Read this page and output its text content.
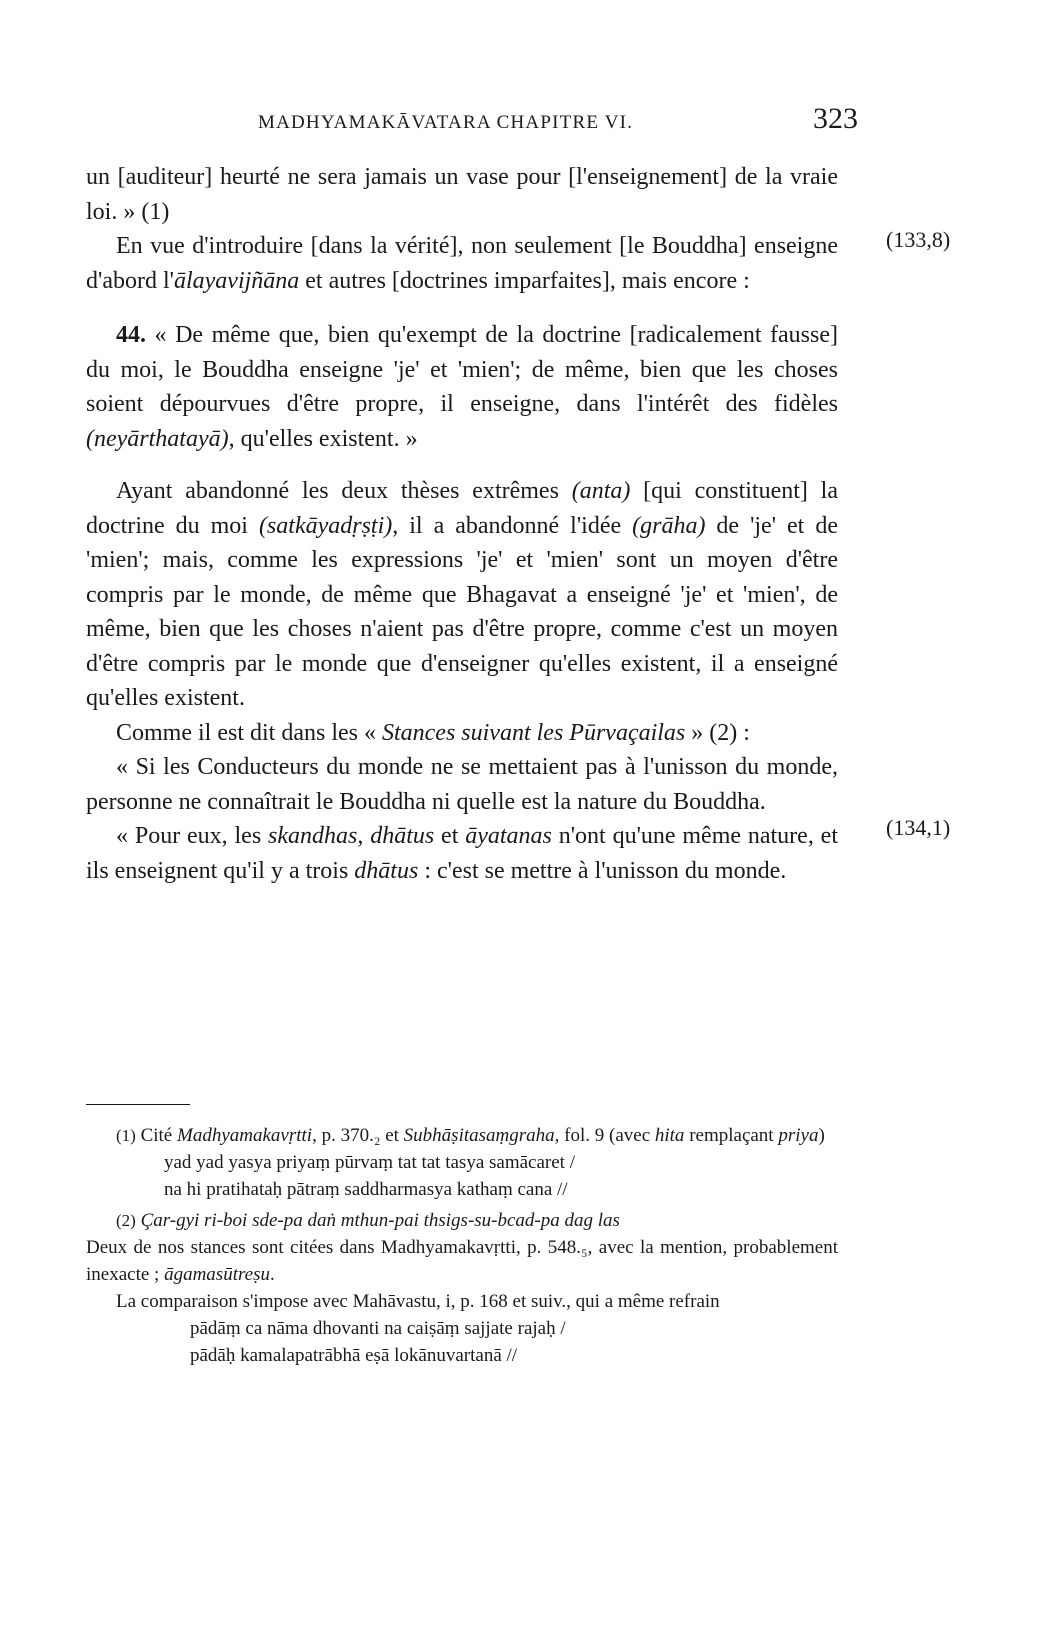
MADHYAMAKĀVATARA CHAPITRE VI.	323
(133,8)
(134,1)

un [auditeur] heurté ne sera jamais un vase pour [l'enseignement] de la vraie loi. » (1)

En vue d'introduire [dans la vérité], non seulement [le Bouddha] enseigne d'abord l'ālayavijñāna et autres [doctrines imparfaites], mais encore :

44. « De même que, bien qu'exempt de la doctrine [radicalement fausse] du moi, le Bouddha enseigne 'je' et 'mien'; de même, bien que les choses soient dépourvues d'être propre, il enseigne, dans l'intérêt des fidèles (neyārthatayā), qu'elles existent. »

Ayant abandonné les deux thèses extrêmes (anta) [qui constituent] la doctrine du moi (satkāyadṛṣṭi), il a abandonné l'idée (grāha) de 'je' et de 'mien'; mais, comme les expressions 'je' et 'mien' sont un moyen d'être compris par le monde, de même que Bhagavat a enseigné 'je' et 'mien', de même, bien que les choses n'aient pas d'être propre, comme c'est un moyen d'être compris par le monde que d'enseigner qu'elles existent, il a enseigné qu'elles existent.

Comme il est dit dans les « Stances suivant les Pūrvaçailas » (2) :

« Si les Conducteurs du monde ne se mettaient pas à l'unisson du monde, personne ne connaîtrait le Bouddha ni quelle est la nature du Bouddha.

« Pour eux, les skandhas, dhātus et āyatanas n'ont qu'une même nature, et ils enseignent qu'il y a trois dhātus : c'est se mettre à l'unisson du monde.

(1) Cité Madhyamakavṛtti, p. 370.₂ et Subhāṣitasaṃgraha, fol. 9 (avec hita remplaçant priya)

yad yad yasya priyaṃ pūrvaṃ tat tat tasya samācaret /

na hi pratihataḥ pātraṃ saddharmasya kathaṃ cana //

(2) Çar-gyi ri-boi sde-pa daṅ mthun-pai thsigs-su-bcad-pa dag las

Deux de nos stances sont citées dans Madhyamakavṛtti, p. 548.₅, avec la mention, probablement inexacte ; āgamasūtreṣu.

La comparaison s'impose avec Mahāvastu, i, p. 168 et suiv., qui a même refrain

pādāṃ ca nāma dhovanti na caiṣāṃ sajjate rajaḥ /

pādāḥ kamalapatrābhā eṣā lokānuvartanā //
